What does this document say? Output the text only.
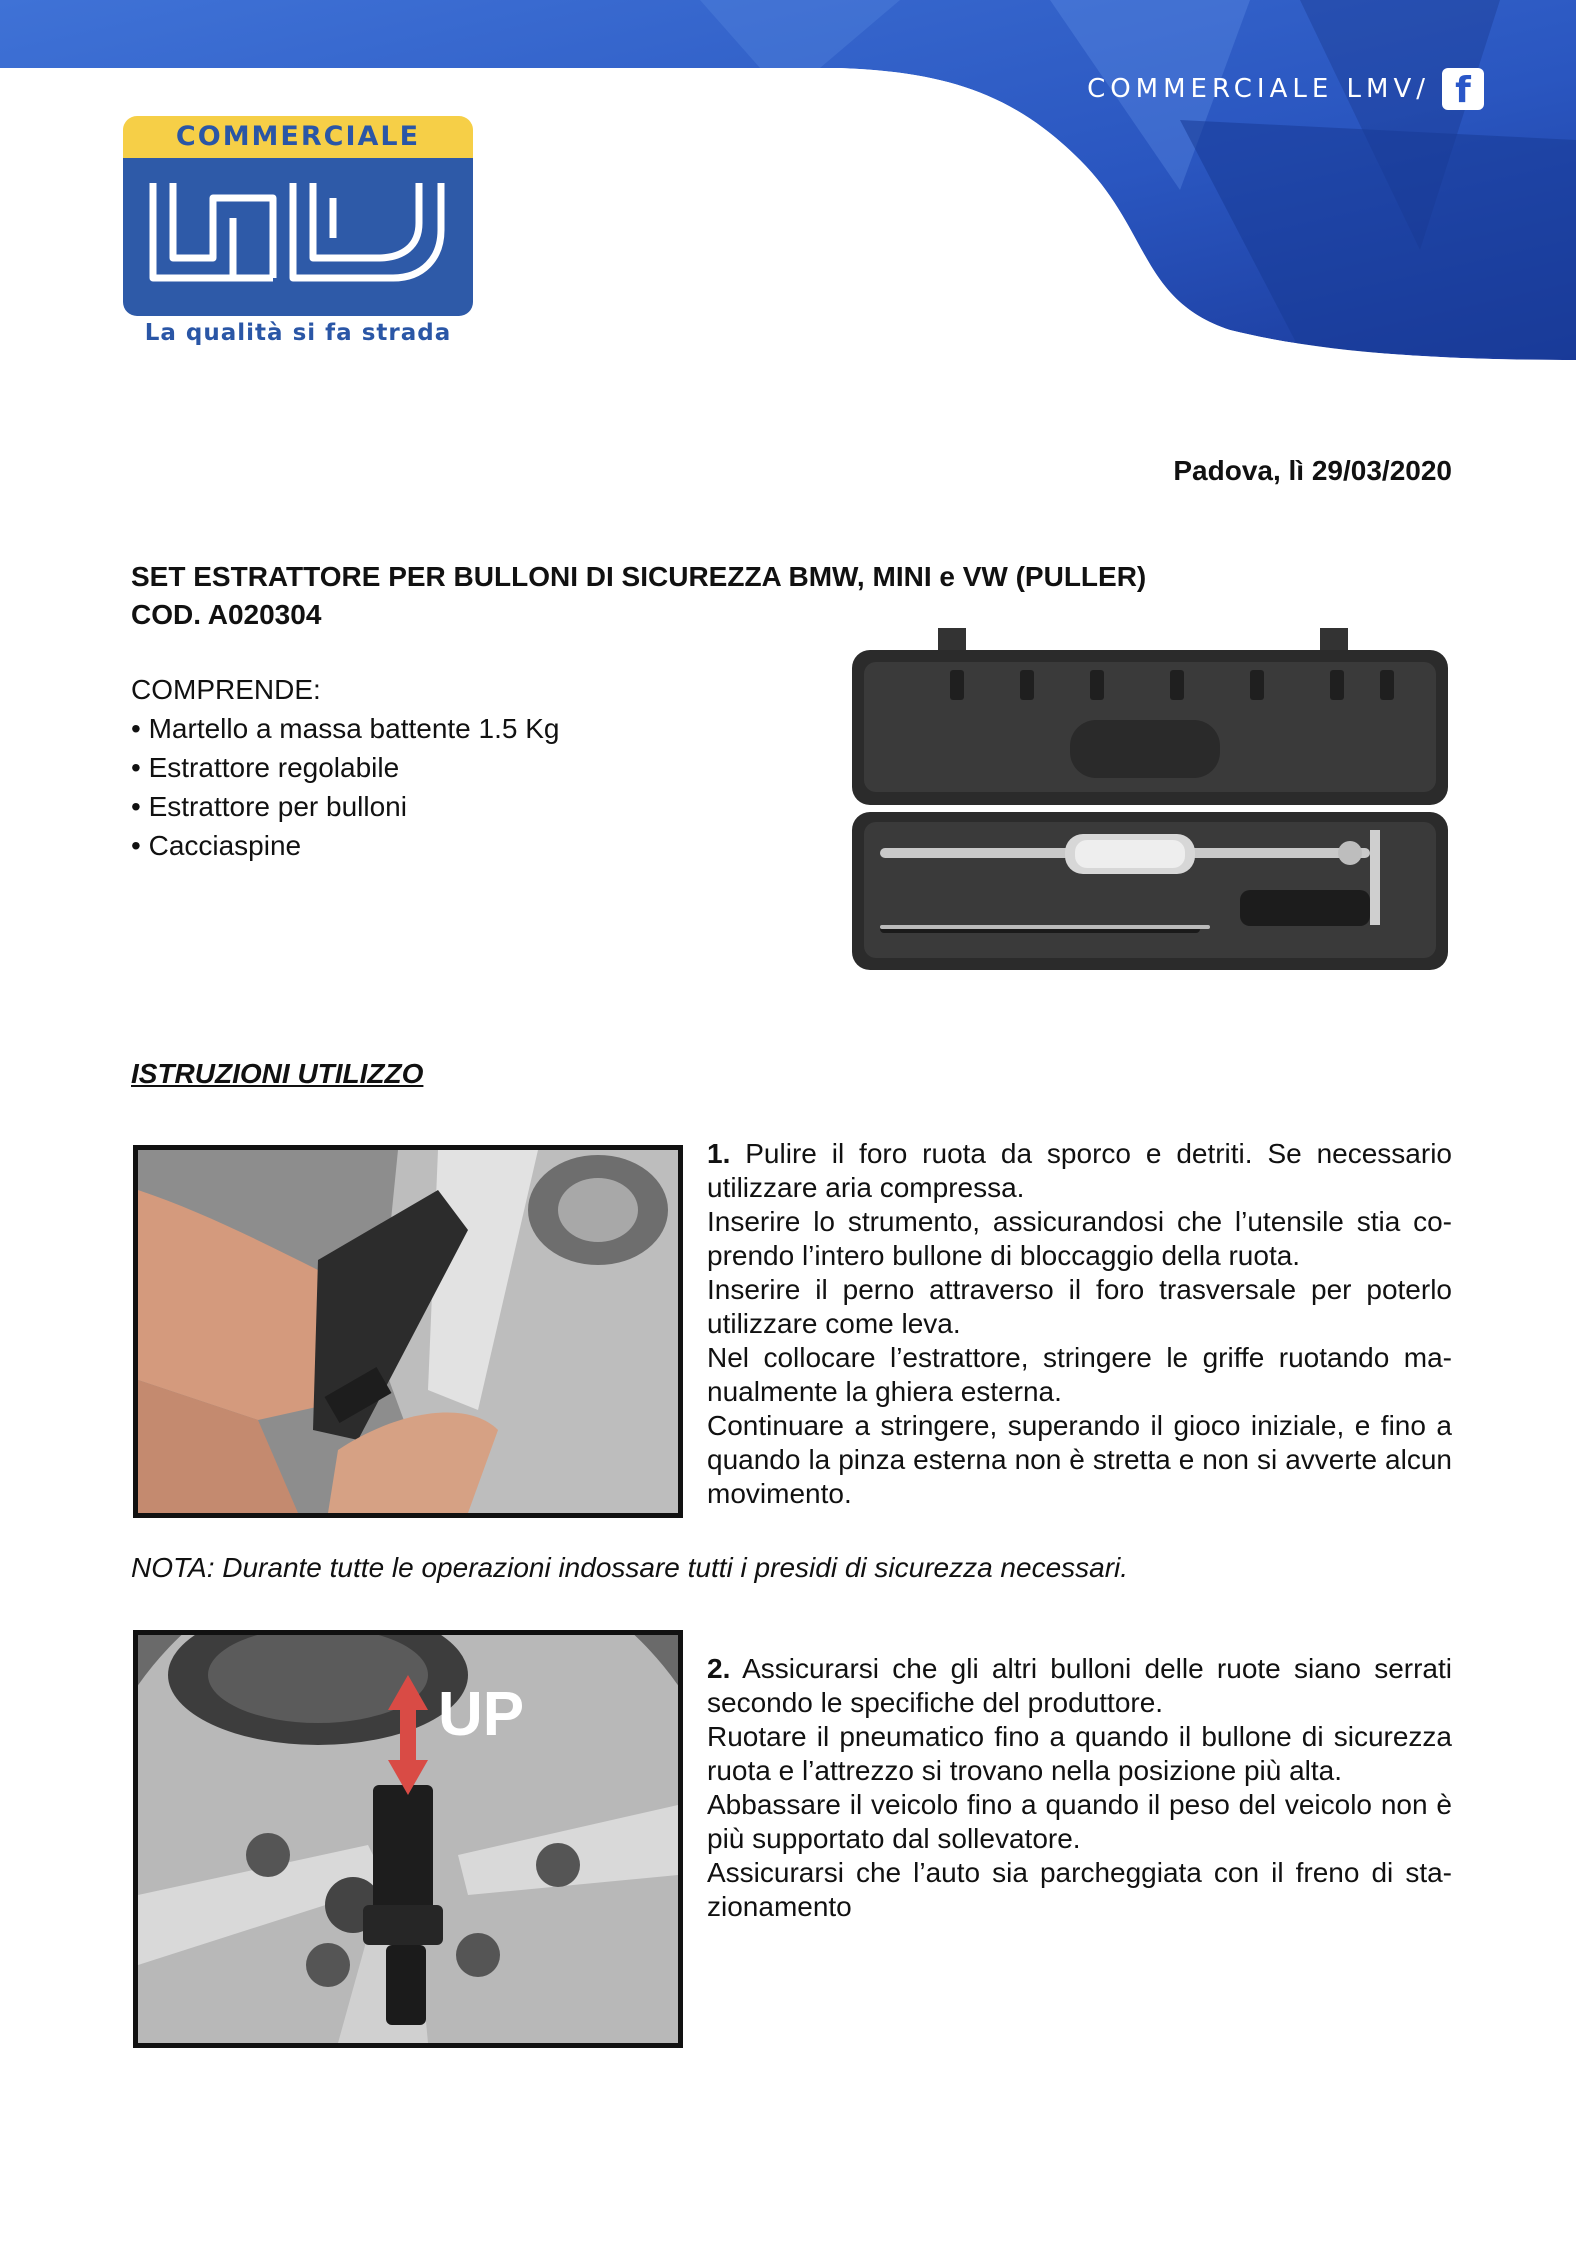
COMMERCIALE LMV/ f
COMMERCIALE
La qualità si fa strada
Padova, lì 29/03/2020
SET ESTRATTORE PER BULLONI DI SICUREZZA BMW, MINI e VW (PULLER)
COD. A020304
COMPRENDE:
• Martello a massa battente 1.5 Kg
• Estrattore regolabile
• Estrattore per bulloni
• Cacciaspine
ISTRUZIONI UTILIZZO

1. Pulire il foro ruota da sporco e detriti. Se necessario utilizzare aria compressa.

Inserire lo strumento, assicurandosi che l’utensile stia co-prendo l’intero bullone di bloccaggio della ruota.

Inserire il perno attraverso il foro trasversale per poterlo utilizzare come leva.

Nel collocare l’estrattore, stringere le griffe ruotando ma-nualmente la ghiera esterna.

Continuare a stringere, superando il gioco iniziale, e fino a quando la pinza esterna non è stretta e non si avverte alcun movimento.

NOTA: Durante tutte le operazioni indossare tutti i presidi di sicurezza necessari.
UP

2. Assicurarsi che gli altri bulloni delle ruote siano serrati secondo le specifiche del produttore.

Ruotare il pneumatico fino a quando il bullone di sicurezza ruota e l’attrezzo si trovano nella posizione più alta.

Abbassare il veicolo fino a quando il peso del veicolo non è più supportato dal sollevatore.

Assicurarsi che l’auto sia parcheggiata con il freno di sta-zionamento
